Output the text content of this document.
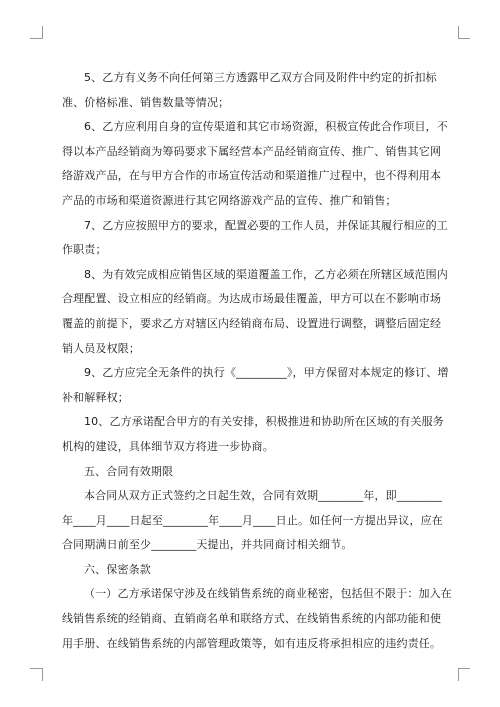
5、乙方有义务不向任何第三方透露甲乙双方合同及附件中约定的折扣标准、价格标准、销售数量等情况；

6、乙方应利用自身的宣传渠道和其它市场资源，积极宣传此合作项目，不得以本产品经销商为筹码要求下属经营本产品经销商宣传、推广、销售其它网络游戏产品，在与甲方合作的市场宣传活动和渠道推广过程中，也不得利用本产品的市场和渠道资源进行其它网络游戏产品的宣传、推广和销售；

7、乙方应按照甲方的要求，配置必要的工作人员，并保证其履行相应的工作职责；

8、为有效完成相应销售区域的渠道覆盖工作，乙方必须在所辖区域范围内合理配置、设立相应的经销商。为达成市场最佳覆盖，甲方可以在不影响市场覆盖的前提下，要求乙方对辖区内经销商布局、设置进行调整，调整后固定经销人员及权限；

9、乙方应完全无条件的执行《_________》，甲方保留对本规定的修订、增补和解释权；

10、乙方承诺配合甲方的有关安排，积极推进和协助所在区域的有关服务机构的建设，具体细节双方将进一步协商。

五、合同有效期限

本合同从双方正式签约之日起生效，合同有效期________年，即________年____月____日起至________年____月____日止。如任何一方提出异议，应在合同期满日前至少________天提出，并共同商讨相关细节。

六、保密条款

（一）乙方承诺保守涉及在线销售系统的商业秘密，包括但不限于：加入在线销售系统的经销商、直销商名单和联络方式、在线销售系统的内部功能和使用手册、在线销售系统的内部管理政策等，如有违反将承担相应的违约责任。
